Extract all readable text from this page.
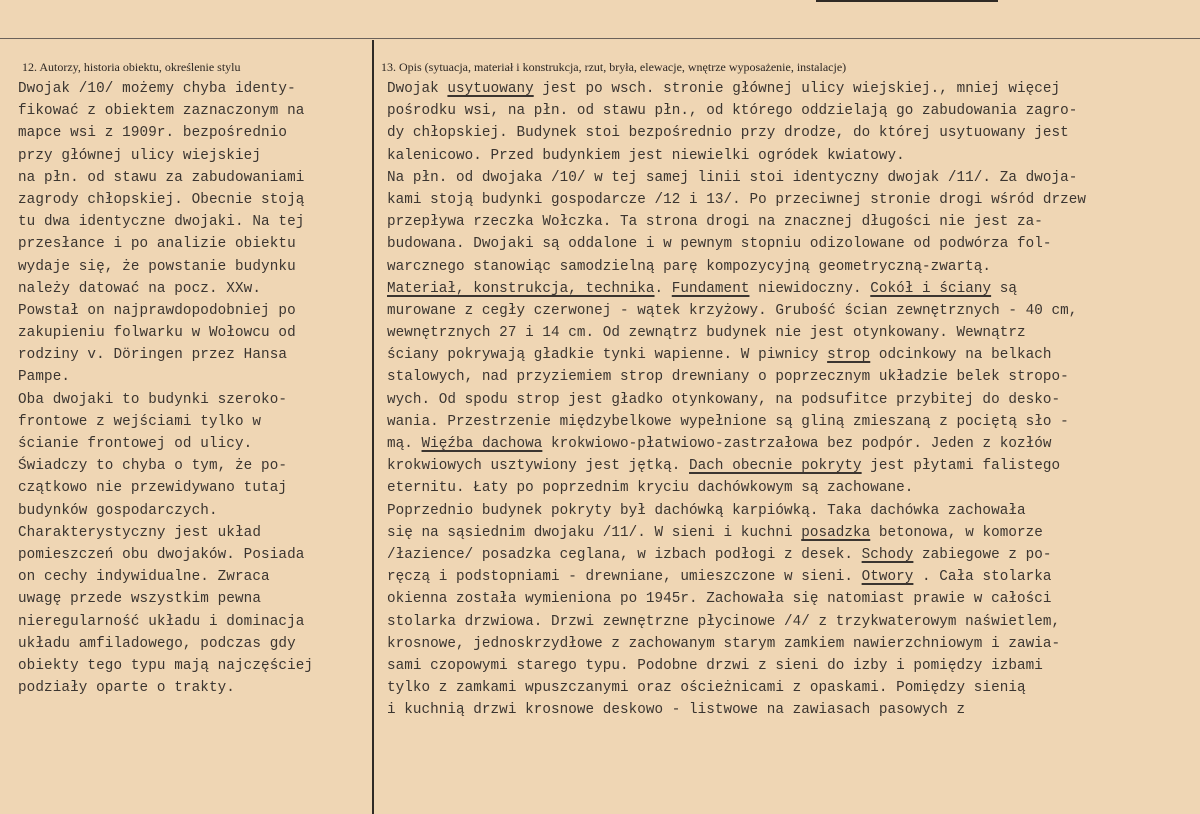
12. Autorzy, historia obiektu, określenie stylu	13. Opis (sytuacja, materiał i konstrukcja, rzut, bryła, elewacje, wnętrze wyposażenie, instalacje)
Dwojak /10/ możemy chyba identy-
fikować z obiektem zaznaczonym na
mapce wsi z 1909r. bezpośrednio
przy głównej ulicy wiejskiej
na płn. od stawu za zabudowaniami
zagrody chłopskiej. Obecnie stoją
tu dwa identyczne dwojaki. Na tej
przesłance i po analizie obiektu
wydaje się, że powstanie budynku
należy datować na pocz. XXw.
Powstał on najprawdopodobniej po
zakupieniu folwarku w Wołowcu od
rodziny v. Döringen przez Hansa
Pampe.
Oba dwojaki to budynki szeroko-
frontowe z wejściami tylko w
ścianie frontowej od ulicy.
Świadczy to chyba o tym, że po-
czątkowo nie przewidywano tutaj
budynków gospodarczych.
Charakterystyczny jest układ
pomieszczeń obu dwojaków. Posiada
on cechy indywidualne. Zwraca
uwagę przede wszystkim pewna
nieregularność układu i dominacja
układu amfiladowego, podczas gdy
obiekty tego typu mają najczęściej
podziały oparte o trakty.
Dwojak usytuowany jest po wsch. stronie głównej ulicy wiejskiej., mniej więcej
pośrodku wsi, na płn. od stawu płn., od którego oddzielają go zabudowania zagro-
dy chłopskiej. Budynek stoi bezpośrednio przy drodze, do której usytuowany jest
kalenicowo. Przed budynkiem jest niewielki ogródek kwiatowy.
Na płn. od dwojaka /10/ w tej samej linii stoi identyczny dwojak /11/. Za dwoja-
kami stoją budynki gospodarcze /12 i 13/. Po przeciwnej stronie drogi wśród drzew
przepływa rzeczka Wołczka. Ta strona drogi na znacznej długości nie jest za-
budowana. Dwojaki są oddalone i w pewnym stopniu odizolowane od podwórza fol-
warcznego stanowiąc samodzielną parę kompozycyjną geometryczną-zwartą.
Materiał, konstrukcja, technika. Fundament niewidoczny. Cokół i ściany są
murowane z cegły czerwonej - wątek krzyżowy. Grubość ścian zewnętrznych - 40 cm,
wewnętrznych 27 i 14 cm. Od zewnątrz budynek nie jest otynkowany. Wewnątrz
ściany pokrywają gładkie tynki wapienne. W piwnicy strop odcinkowy na belkach
stalowych, nad przyziemiem strop drewniany o poprzecznym układzie belek stropo-
wych. Od spodu strop jest gładko otynkowany, na podsufitce przybitej do desko-
wania. Przestrzenie międzybelkowe wypełnione są gliną zmieszaną z pociętą sło -
mą. Więźba dachowa krokwiowo-płatwiowo-zastrzałowa bez podpór. Jeden z kozłów
krokwiowych usztywiony jest jętką. Dach obecnie pokryty jest płytami falistego
eternitu. Łaty po poprzednim kryciu dachówkowym są zachowane.
Poprzednio budynek pokryty był dachówką karpiówką. Taka dachówka zachowała
się na sąsiednim dwojaku /11/. W sieni i kuchni posadzka betonowa, w komorze
/łazience/ posadzka ceglana, w izbach podłogi z desek. Schody zabiegowe z po-
ręczą i podstopniami - drewniane, umieszczone w sieni. Otwory . Cała stolarka
okienna została wymieniona po 1945r. Zachowała się natomiast prawie w całości
stolarka drzwiowa. Drzwi zewnętrzne płycinowe /4/ z trzykwaterowym naświetlem,
krosnowe, jednoskrzydłowe z zachowanym starym zamkiem nawierzchniowym i zawia-
sami czopowymi starego typu. Podobne drzwi z sieni do izby i pomiędzy izbami
tylko z zamkami wpuszczanymi oraz ościeżnicami z opaskami. Pomiędzy sienią
i kuchnią drzwi krosnowe deskowo - listwowe na zawiasach pasowych z
